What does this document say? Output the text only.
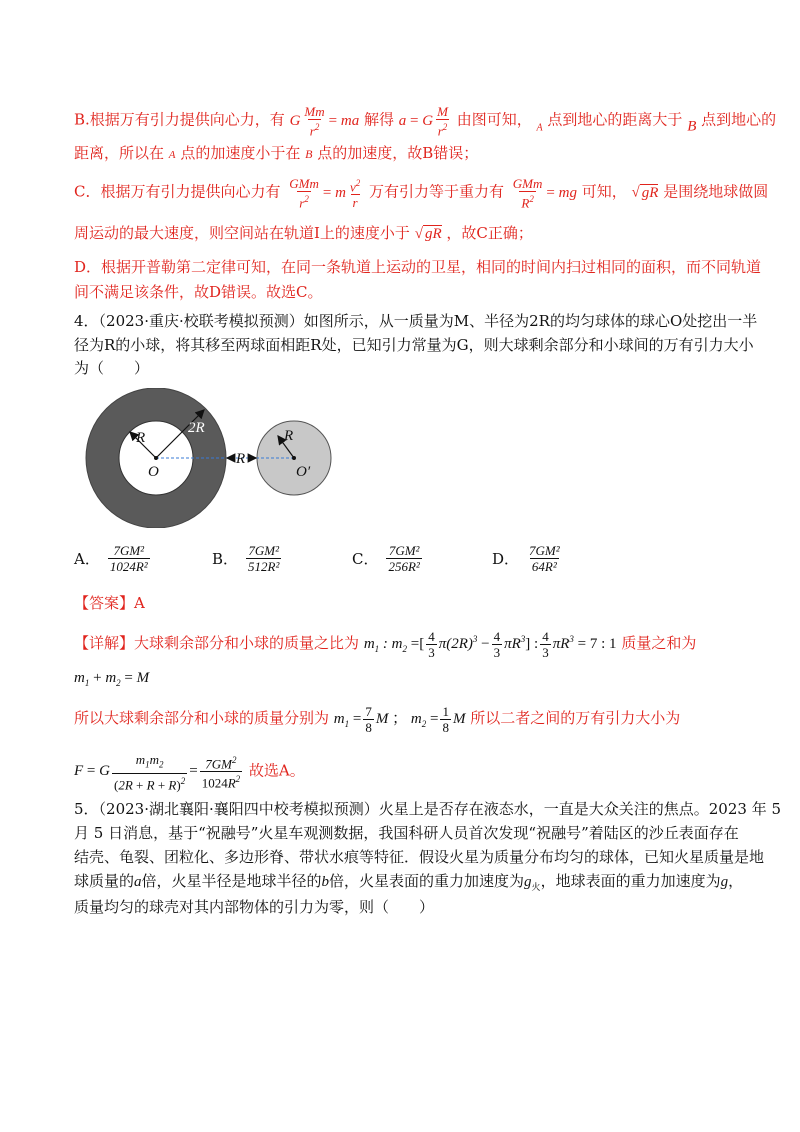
B.根据万有引力提供向心力，有 G $\frac{Mm}{r^2}$ = ma 解得 a = G $\frac{M}{r^2}$ 由图可知， $_A$ 点到地心的距离大于 B 点到地心的
距离，所以在 A 点的加速度小于在 B 点的加速度，故B错误；
C．根据万有引力提供向心力有 $\frac{\text{GMm}}{r^2} = m \frac{v^2}{r}$ 万有引力等于重力有 $\frac{\text{GMm}}{R^2}$ = mg 可知， √ gR 是围绕地球做圆
周运动的最大速度，则空间站在轨道Ⅰ上的速度小于 √ gR ，故C正确；
D．根据开普勒第二定律可知，在同一条轨道上运动的卫星，相同的时间内扫过相同的面积，而不同轨道
间不满足该条件，故D错误。故选C。
4．（2023·重庆·校联考模拟预测）如图所示，从一质量为M、半径为2R的均匀球体的球心O处挖出一半
径为R的小球，将其移至两球面相距R处，已知引力常量为G，则大球剩余部分和小球间的万有引力大小
为（　　）
R
2R
O
R
R
O′
A． $\frac{\text{7GM²}}{\text{1024R²}}$	B． $\frac{\text{7GM²}}{\text{512R²}}$	C． $\frac{\text{7GM²}}{\text{256R²}}$	D． $\frac{\text{7GM²}}{\text{64R²}}$
【答案】A
【详解】大球剩余部分和小球的质量之比为 $m_1$ : $m_2$ =[ $\frac{4}{3} \pi(2R)^3 - \frac{4}{3} \pi R^3$] : $\frac{4}{3} \pi R^3 = 7$ : 1 质量之和为
$m_1 + m_2 = M$
所以大球剩余部分和小球的质量分别为 $m_1 = \frac{7}{8}$ M ； $m_2 = \frac{1}{8}$ M 所以二者之间的万有引力大小为
F = G $\frac{m_1m_2}{(2R + R + R)^2} = \frac{7GM^2}{1024R^2}$ 故选A。
5．（2023·湖北襄阳·襄阳四中校考模拟预测）火星上是否存在液态水，一直是大众关注的焦点。2023 年 5
月 5 日消息，基于“祝融号”火星车观测数据，我国科研人员首次发现“祝融号”着陆区的沙丘表面存在
结壳、龟裂、团粒化、多边形脊、带状水痕等特征．假设火星为质量分布均匀的球体，已知火星质量是地
球质量的a倍，火星半径是地球半径的b倍，火星表面的重力加速度为$g_火$，地球表面的重力加速度为g，
质量均匀的球壳对其内部物体的引力为零，则（　　）
